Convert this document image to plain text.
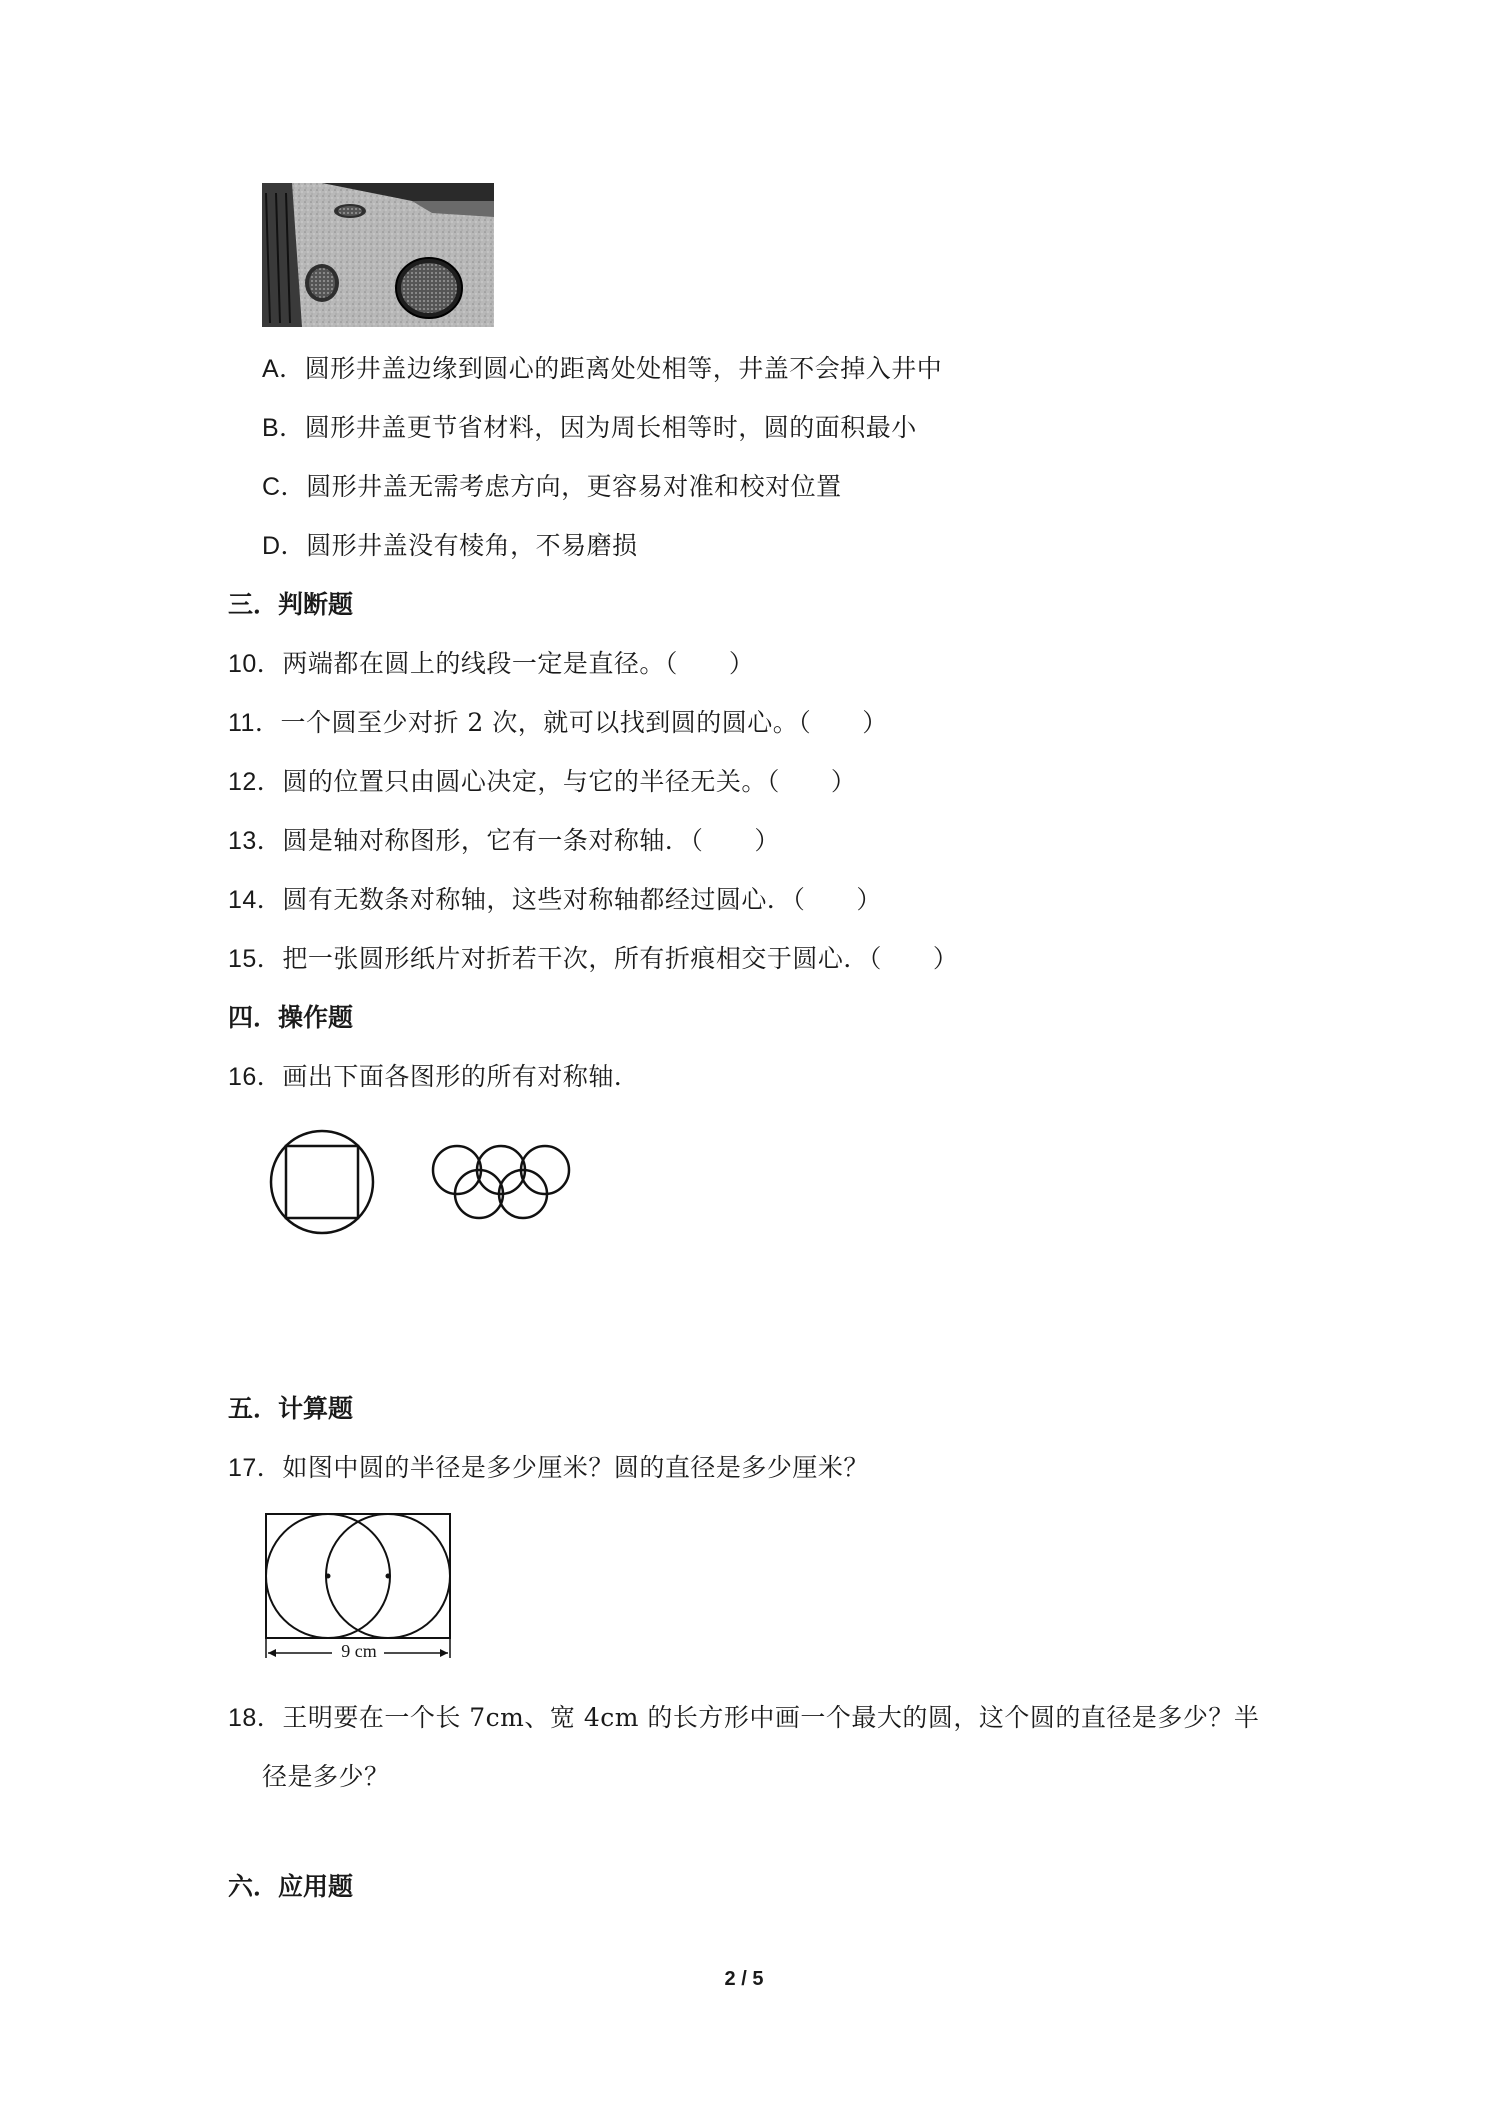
A．圆形井盖边缘到圆心的距离处处相等，井盖不会掉入井中
B．圆形井盖更节省材料，因为周长相等时，圆的面积最小
C．圆形井盖无需考虑方向，更容易对准和校对位置
D．圆形井盖没有棱角，不易磨损
三．判断题
10．两端都在圆上的线段一定是直径。（　　）
11．一个圆至少对折 2 次，就可以找到圆的圆心。（　　）
12．圆的位置只由圆心决定，与它的半径无关。（　　）
13．圆是轴对称图形，它有一条对称轴．（　　）
14．圆有无数条对称轴，这些对称轴都经过圆心．（　　）
15．把一张圆形纸片对折若干次，所有折痕相交于圆心．（　　）
四．操作题
16．画出下面各图形的所有对称轴．
五．计算题
17．如图中圆的半径是多少厘米？圆的直径是多少厘米？
9 cm
18．王明要在一个长 7cm、宽 4cm 的长方形中画一个最大的圆，这个圆的直径是多少？半
径是多少？
六．应用题
2 / 5
